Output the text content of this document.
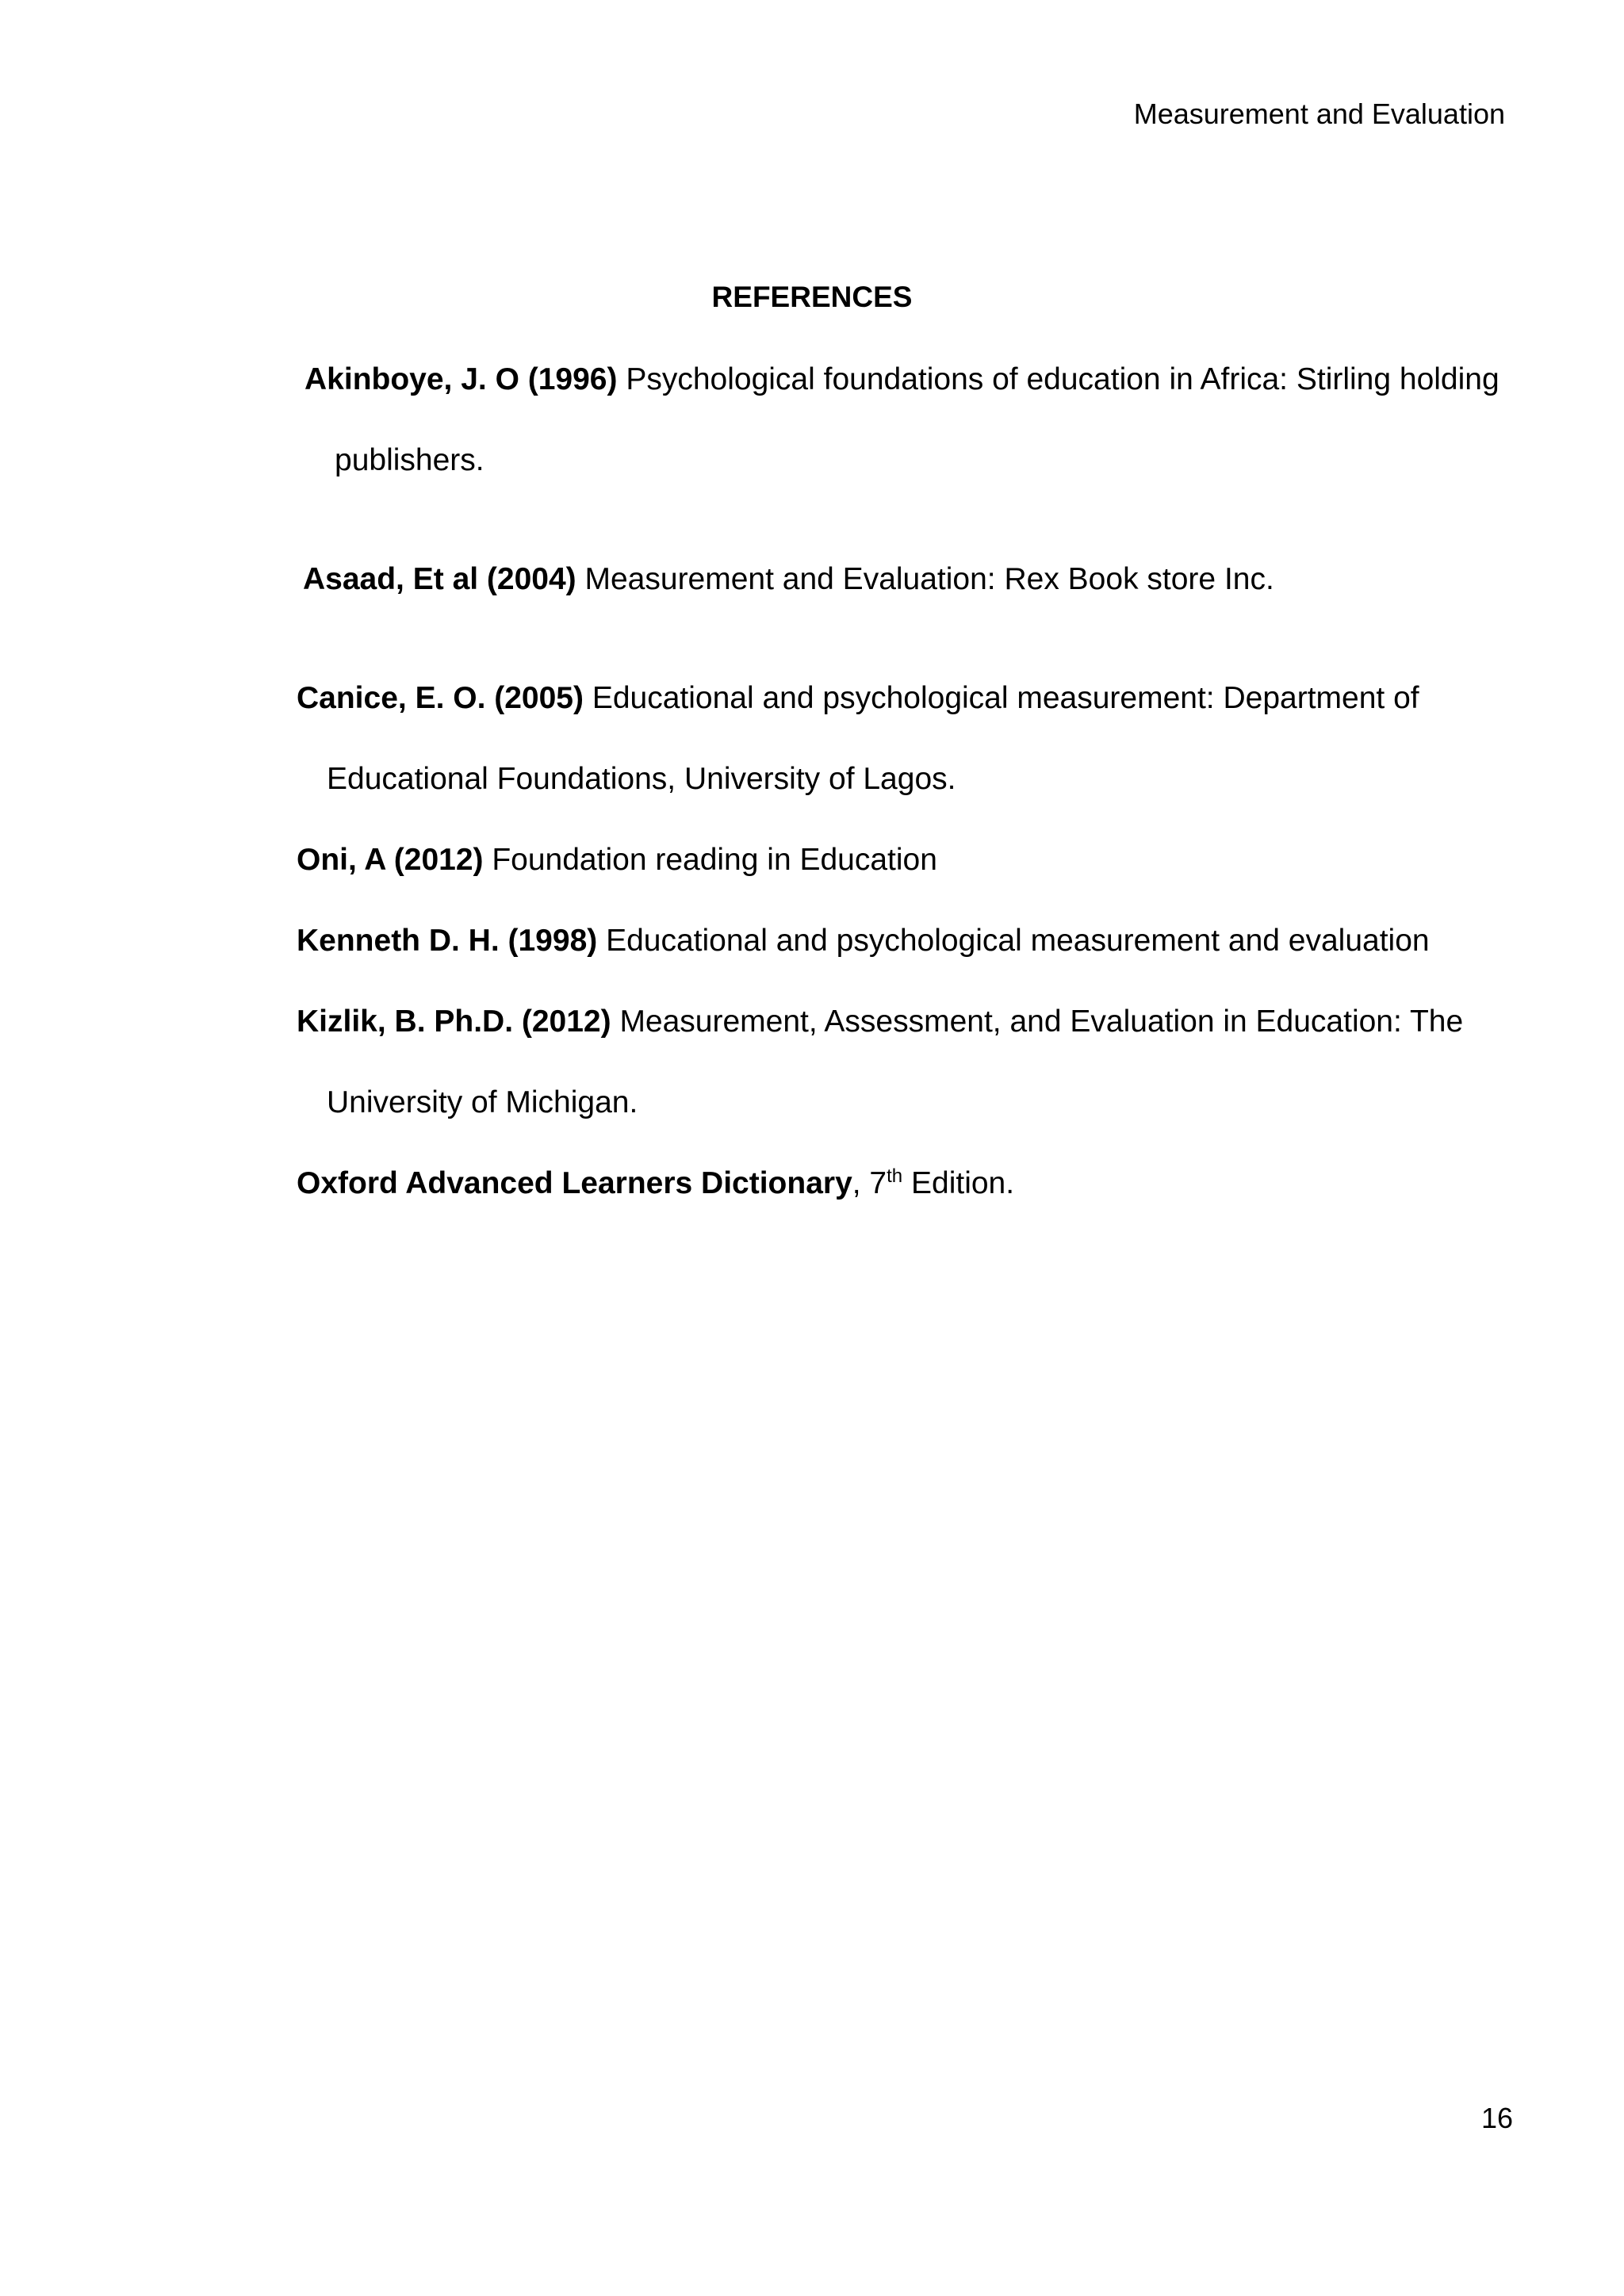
Measurement and Evaluation
REFERENCES
Akinboye, J. O (1996) Psychological foundations of education in Africa: Stirling holding
publishers.
Asaad, Et al (2004) Measurement and Evaluation: Rex Book store Inc.
Canice, E. O. (2005) Educational and psychological measurement: Department of
Educational Foundations, University of Lagos.
Oni, A (2012) Foundation reading in Education
Kenneth D. H. (1998) Educational and psychological measurement and evaluation
Kizlik, B. Ph.D. (2012) Measurement, Assessment, and Evaluation in Education: The
University of Michigan.
Oxford Advanced Learners Dictionary, 7th Edition.
16
